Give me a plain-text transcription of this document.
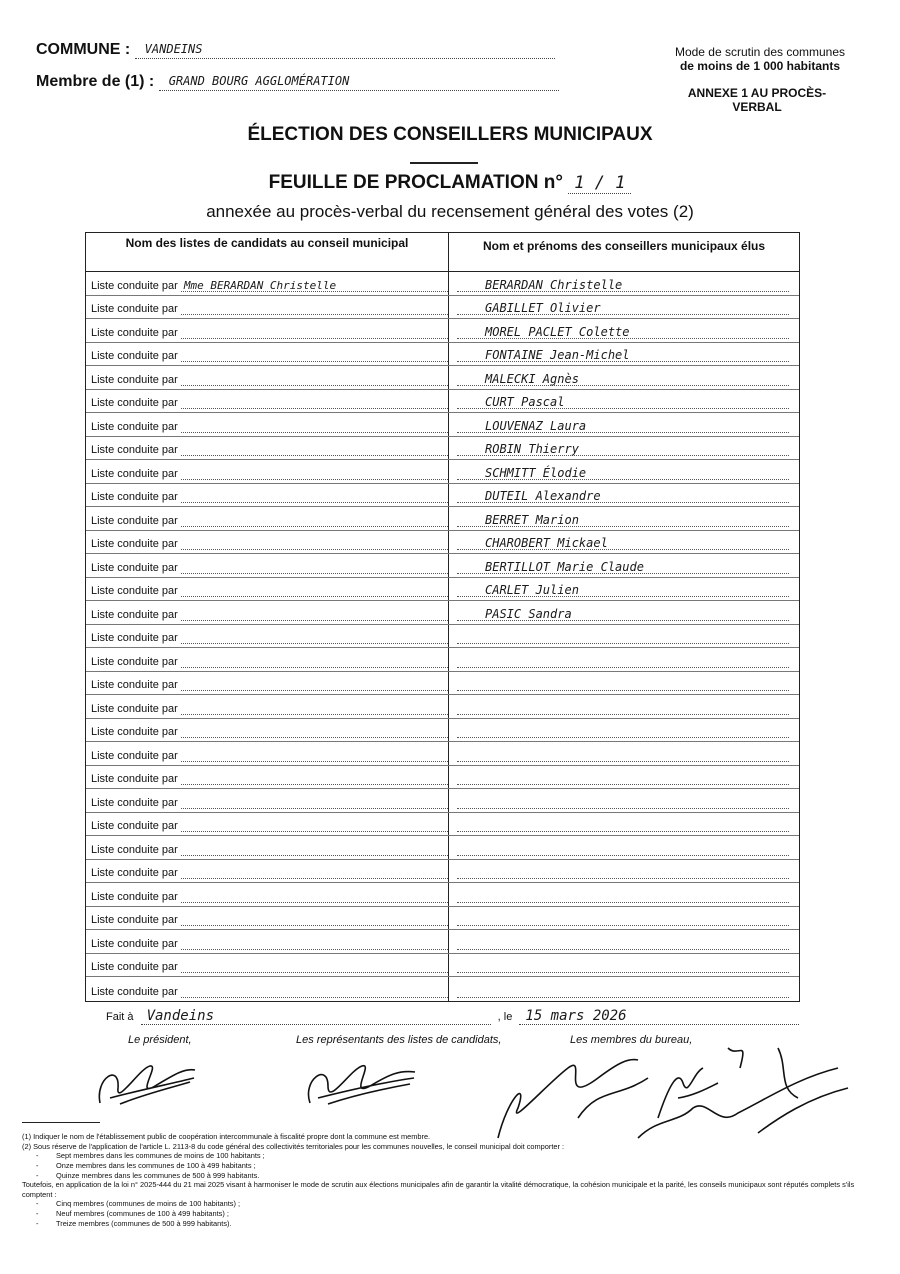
COMMUNE : VANDEINS
Membre de (1) : GRAND BOURG AGGLOMÉRATION
Mode de scrutin des communes
de moins de 1 000 habitants
ANNEXE 1 AU PROCÈS-VERBAL
ÉLECTION DES CONSEILLERS MUNICIPAUX
FEUILLE DE PROCLAMATION n° 1 / 1
annexée au procès-verbal du recensement général des votes (2)
Nom des listes de candidats au conseil municipal	Nom et prénoms des conseillers municipaux élus
Liste conduite par Mme BERARDAN Christelle	BERARDAN Christelle
Liste conduite par	GABILLET Olivier
Liste conduite par	MOREL PACLET Colette
Liste conduite par	FONTAINE Jean-Michel
Liste conduite par	MALECKI Agnès
Liste conduite par	CURT Pascal
Liste conduite par	LOUVENAZ Laura
Liste conduite par	ROBIN Thierry
Liste conduite par	SCHMITT Élodie
Liste conduite par	DUTEIL Alexandre
Liste conduite par	BERRET Marion
Liste conduite par	CHAROBERT Mickael
Liste conduite par	BERTILLOT Marie Claude
Liste conduite par	CARLET Julien
Liste conduite par	PASIC Sandra
Liste conduite par
Liste conduite par
Liste conduite par
Liste conduite par
Liste conduite par
Liste conduite par
Liste conduite par
Liste conduite par
Liste conduite par
Liste conduite par
Liste conduite par
Liste conduite par
Liste conduite par
Liste conduite par
Liste conduite par
Liste conduite par
Fait à Vandeins	, le 15 mars 2026
Le président,	Les représentants des listes de candidats,	Les membres du bureau,
(1) Indiquer le nom de l'établissement public de coopération intercommunale à fiscalité propre dont la commune est membre.
(2) Sous réserve de l'application de l'article L. 2113-8 du code général des collectivités territoriales pour les communes nouvelles, le conseil municipal doit comporter :
- Sept membres dans les communes de moins de 100 habitants ;
- Onze membres dans les communes de 100 à 499 habitants ;
- Quinze membres dans les communes de 500 à 999 habitants.
Toutefois, en application de la loi n° 2025-444 du 21 mai 2025 visant à harmoniser le mode de scrutin aux élections municipales afin de garantir la vitalité démocratique, la cohésion municipale et la parité, les conseils municipaux sont réputés complets s'ils comptent :
- Cinq membres (communes de moins de 100 habitants) ;
- Neuf membres (communes de 100 à 499 habitants) ;
- Treize membres (communes de 500 à 999 habitants).
